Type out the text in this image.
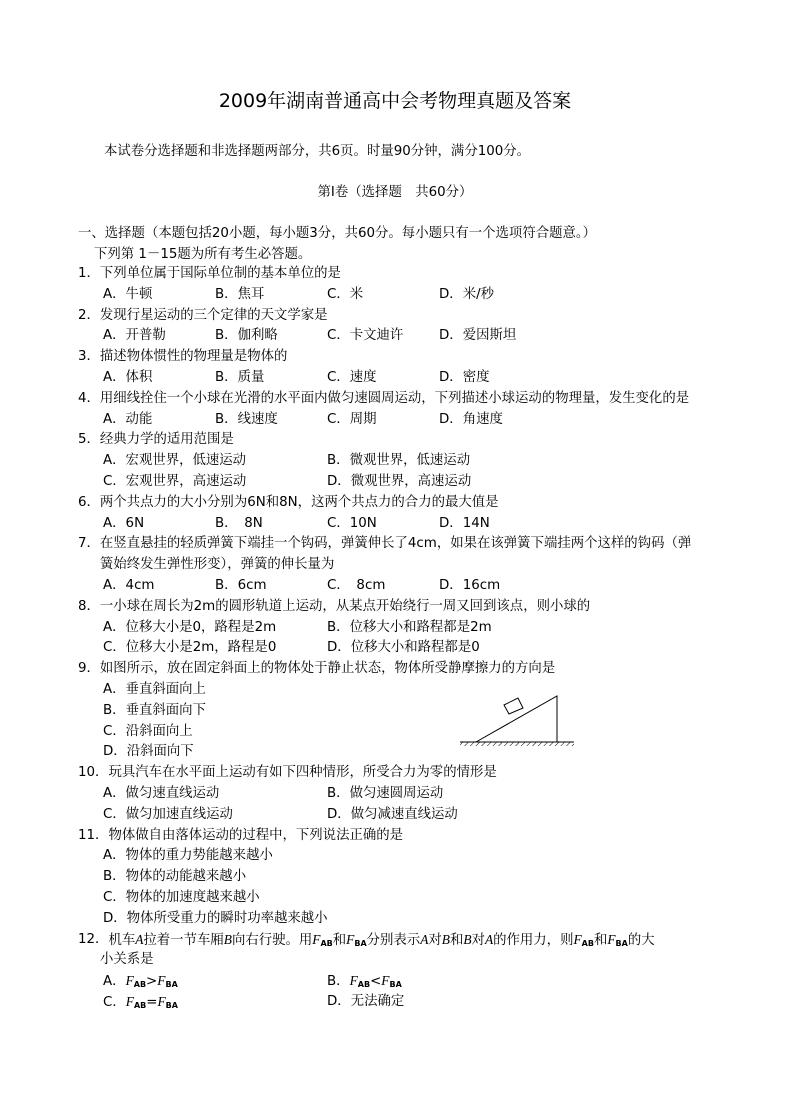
2009年湖南普通高中会考物理真题及答案
本试卷分选择题和非选择题两部分，共6页。时量90分钟，满分100分。
第Ⅰ卷（选择题　共60分）
一、选择题（本题包括20小题，每小题3分，共60分。每小题只有一个选项符合题意。）
下列第 1－15题为所有考生必答题。
1． 下列单位属于国际单位制的基本单位的是
A．牛顿	B．焦耳	C．米	D．米/秒
2． 发现行星运动的三个定律的天文学家是
A．开普勒	B．伽利略	C．卡文迪许	D．爱因斯坦
3． 描述物体惯性的物理量是物体的
A．体积	B．质量	C．速度	D．密度
4． 用细线拴住一个小球在光滑的水平面内做匀速圆周运动，下列描述小球运动的物理量，发生变化的是
A．动能	B．线速度	C．周期	D．角速度
5． 经典力学的适用范围是
A．宏观世界，低速运动	B．微观世界，低速运动
C．宏观世界，高速运动	D．微观世界，高速运动
6． 两个共点力的大小分别为6N和8N，这两个共点力的合力的最大值是
A．6N	B．　8N	C．10N	D．14N
7． 在竖直悬挂的轻质弹簧下端挂一个钩码，弹簧伸长了4cm，如果在该弹簧下端挂两个这样的钩码（弹
簧始终发生弹性形变），弹簧的伸长量为
A．4cm	B．6cm	C．　8cm	D．16cm
8． 一小球在周长为2m的圆形轨道上运动，从某点开始绕行一周又回到该点，则小球的
A．位移大小是0，路程是2m	B．位移大小和路程都是2m
C．位移大小是2m，路程是0	D．位移大小和路程都是0
9． 如图所示，放在固定斜面上的物体处于静止状态，物体所受静摩擦力的方向是
A．垂直斜面向上
B．垂直斜面向下
C．沿斜面向上
D．沿斜面向下
10． 玩具汽车在水平面上运动有如下四种情形，所受合力为零的情形是
A．做匀速直线运动	B．做匀速圆周运动
C．做匀加速直线运动	D．做匀减速直线运动
11． 物体做自由落体运动的过程中，下列说法正确的是
A．物体的重力势能越来越小
B．物体的动能越来越小
C．物体的加速度越来越小
D．物体所受重力的瞬时功率越来越小
12． 机车A拉着一节车厢B向右行驶。用$F_{AB}$和$F_{BA}$分别表示A对B和B对A的作用力，则$F_{AB}$和$F_{BA}$的大
小关系是
A．$F_{AB}>F_{BA}$	B．$F_{AB}<F_{BA}$
C．$F_{AB}=F_{BA}$	D．无法确定
